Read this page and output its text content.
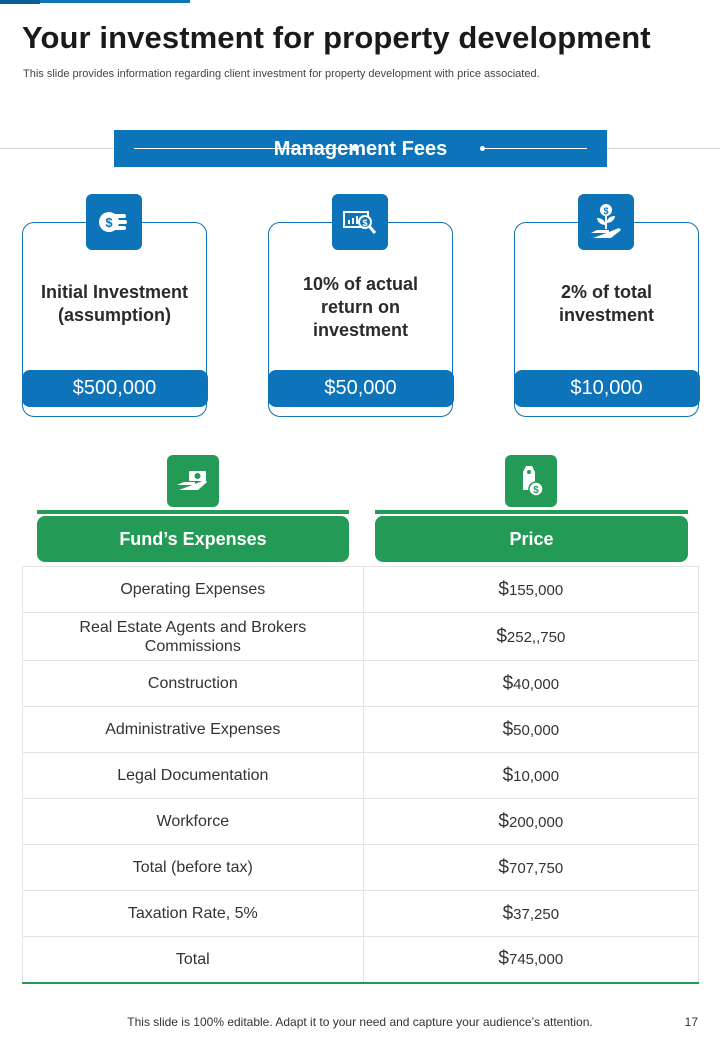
Your investment for property development

This slide provides information regarding client investment for property development with price associated.

Management Fees
$
Initial Investment (assumption)
$500,000
$
10% of actual return on investment
$50,000
$
2% of total investment
$10,000
$
Fund’s Expenses	Price
Operating Expenses	$155,000
Real Estate Agents and Brokers Commissions	$252,,750
Construction	$40,000
Administrative Expenses	$50,000
Legal Documentation	$10,000
Workforce	$200,000
Total (before tax)	$707,750
Taxation Rate, 5%	$37,250
Total	$745,000
This slide is 100% editable. Adapt it to your need and capture your audience’s attention.	17
